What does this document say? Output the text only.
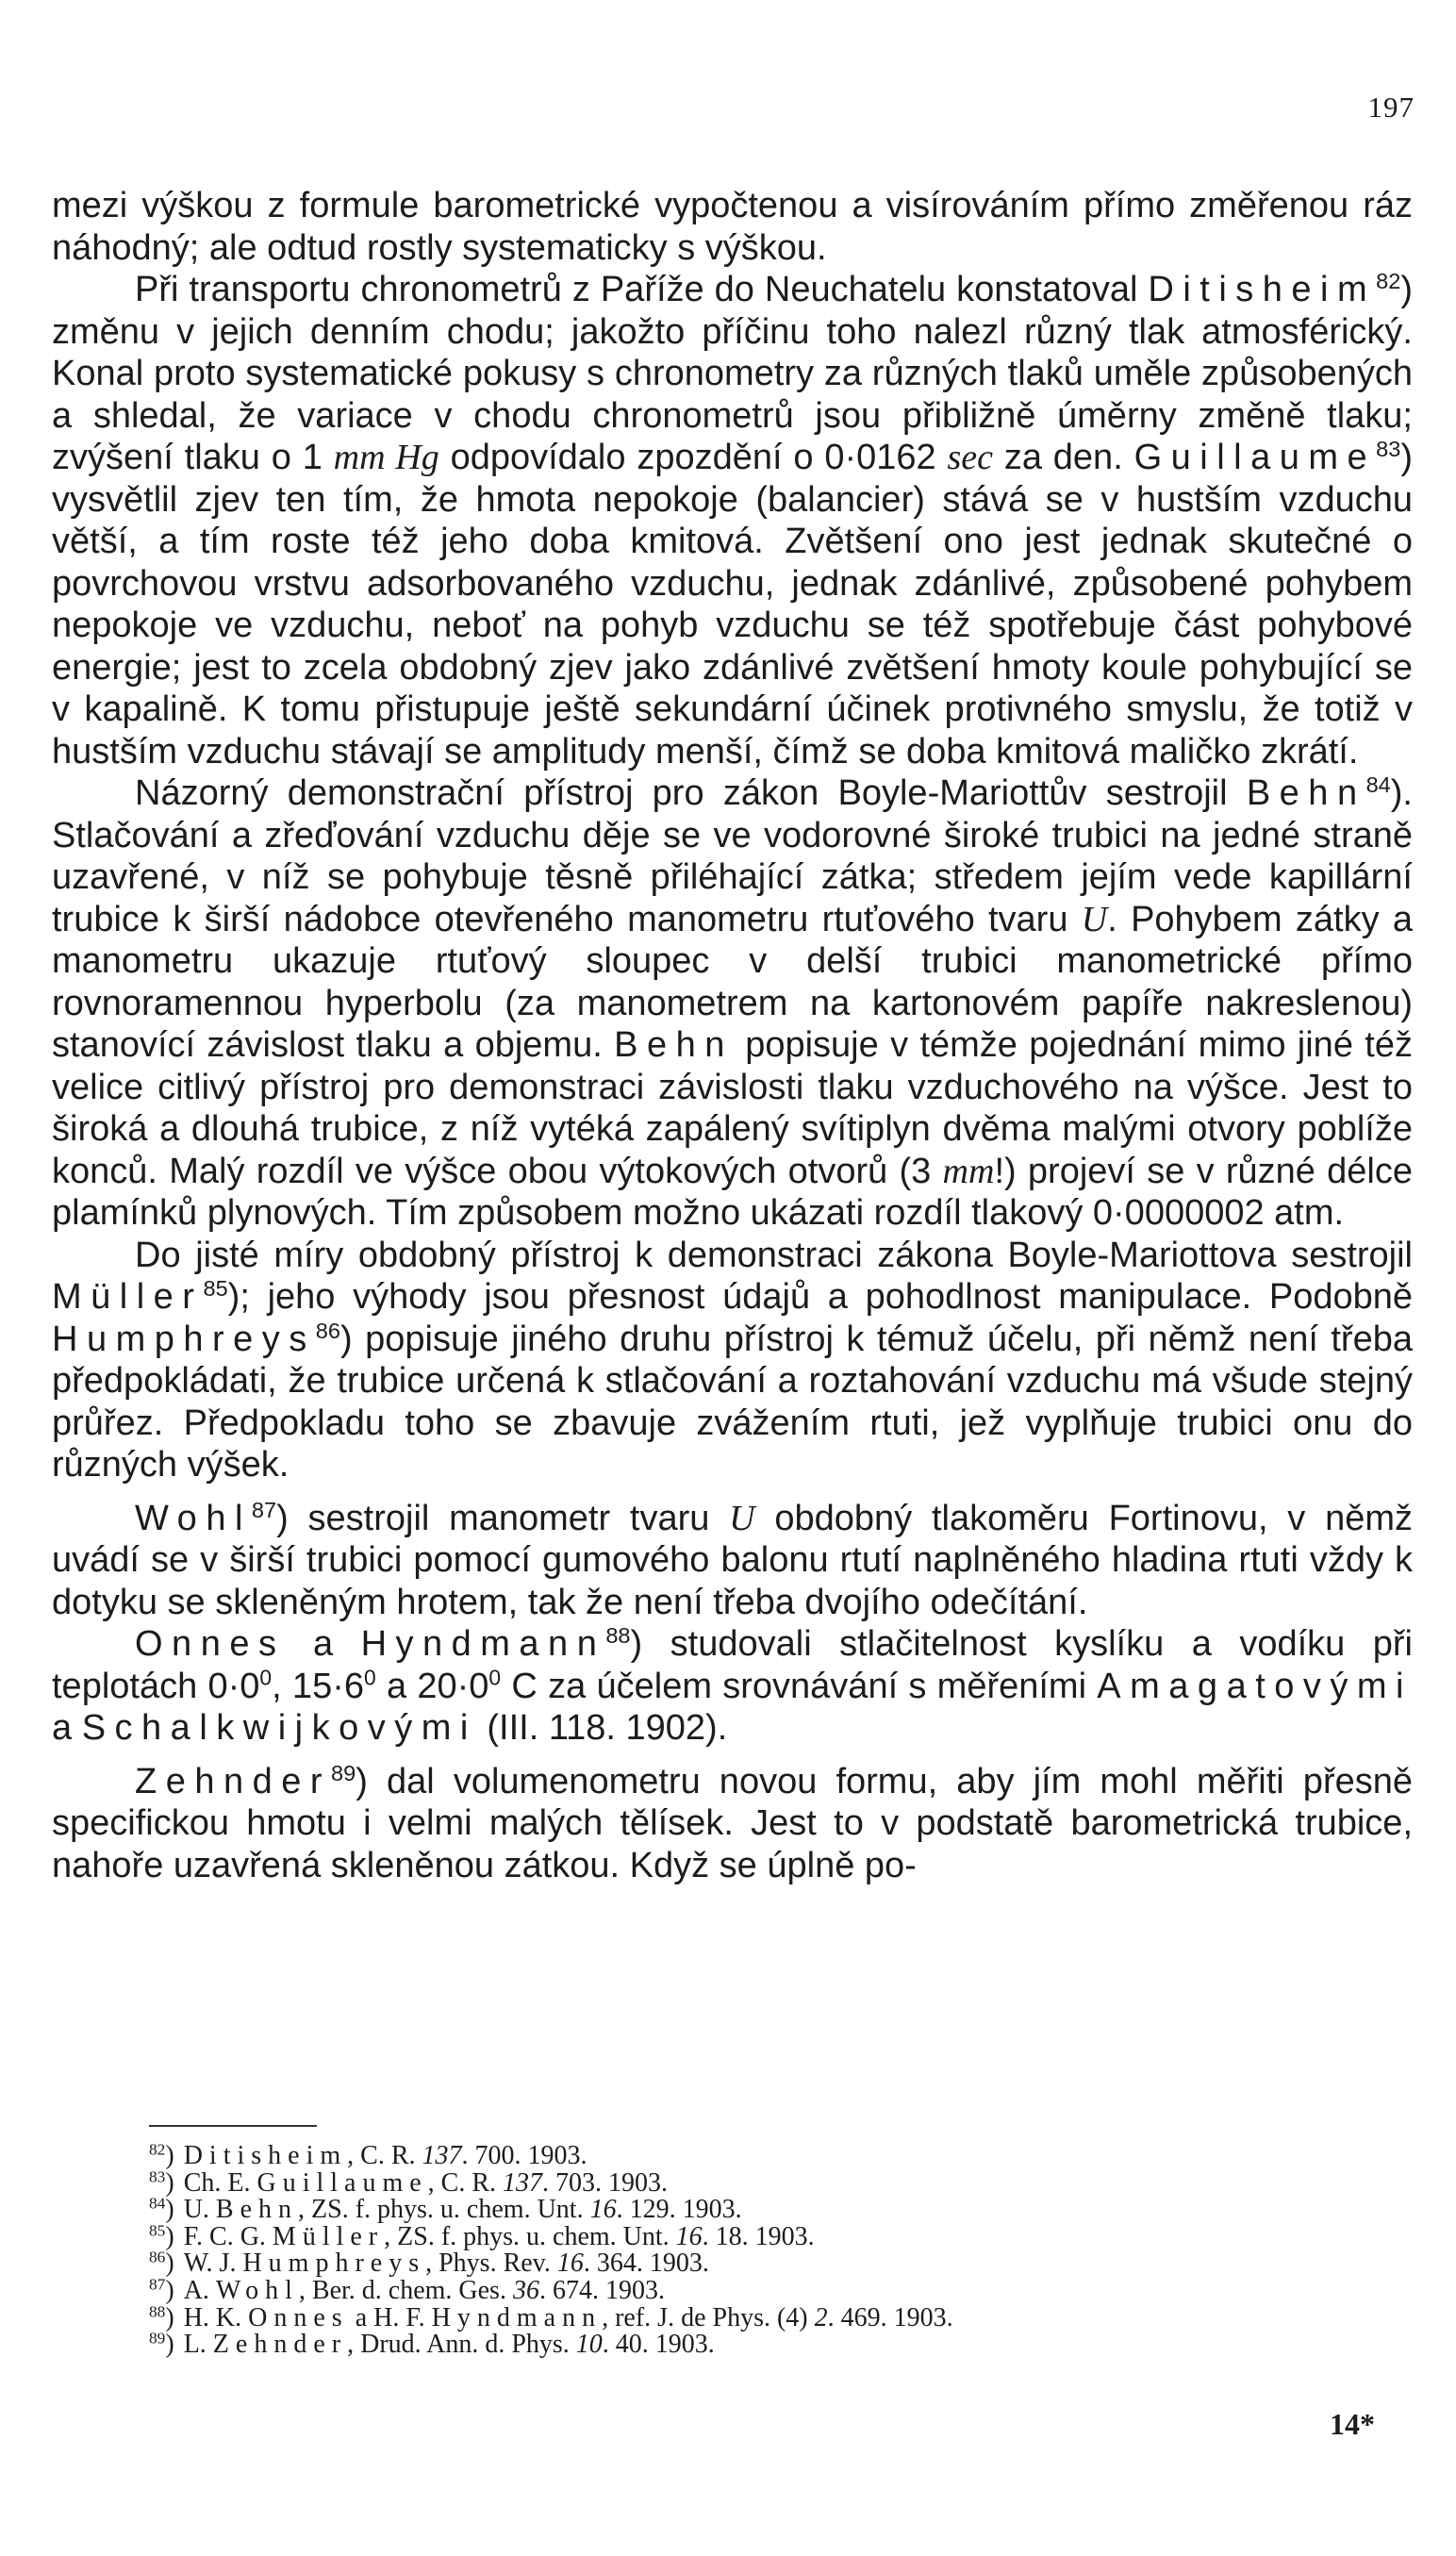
197

mezi výškou z formule barometrické vypočtenou a visírováním přímo změřenou ráz náhodný; ale odtud rostly systematicky s výškou.

Při transportu chronometrů z Paříže do Neuchatelu konstatoval Ditisheim$^{82}$) změnu v jejich denním chodu; jakožto příčinu toho nalezl různý tlak atmosférický. Konal proto systematické pokusy s chronometry za různých tlaků uměle způsobených a shledal, že variace v chodu chronometrů jsou přibližně úměrny změně tlaku; zvýšení tlaku o 1 mm Hg odpovídalo zpozdění o 0·0162 sec za den. Guillaume$^{83}$) vysvětlil zjev ten tím, že hmota nepokoje (balancier) stává se v hustším vzduchu větší, a tím roste též jeho doba kmitová. Zvětšení ono jest jednak skutečné o povrchovou vrstvu adsorbovaného vzduchu, jednak zdánlivé, způsobené pohybem nepokoje ve vzduchu, neboť na pohyb vzduchu se též spotřebuje část pohybové energie; jest to zcela obdobný zjev jako zdánlivé zvětšení hmoty koule pohybující se v kapalině. K tomu přistupuje ještě sekundární účinek protivného smyslu, že totiž v hustším vzduchu stávají se amplitudy menší, čímž se doba kmitová maličko zkrátí.

Názorný demonstrační přístroj pro zákon Boyle-Mariottův sestrojil Behn$^{84}$). Stlačování a zřeďování vzduchu děje se ve vodorovné široké trubici na jedné straně uzavřené, v níž se pohybuje těsně přiléhající zátka; středem jejím vede kapillární trubice k širší nádobce otevřeného manometru rtuťového tvaru U. Pohybem zátky a manometru ukazuje rtuťový sloupec v delší trubici manometrické přímo rovnoramennou hyperbolu (za manometrem na kartonovém papíře nakreslenou) stanovící závislost tlaku a objemu. Behn popisuje v témže pojednání mimo jiné též velice citlivý přístroj pro demonstraci závislosti tlaku vzduchového na výšce. Jest to široká a dlouhá trubice, z níž vytéká zapálený svítiplyn dvěma malými otvory poblíže konců. Malý rozdíl ve výšce obou výtokových otvorů (3 mm!) projeví se v různé délce plamínků plynových. Tím způsobem možno ukázati rozdíl tlakový 0·0000002 atm.

Do jisté míry obdobný přístroj k demonstraci zákona Boyle-Mariottova sestrojil Müller$^{85}$); jeho výhody jsou přesnost údajů a pohodlnost manipulace. Podobně Humphreys$^{86}$) popisuje jiného druhu přístroj k témuž účelu, při němž není třeba předpokládati, že trubice určená k stlačování a roztahování vzduchu má všude stejný průřez. Předpokladu toho se zbavuje zvážením rtuti, jež vyplňuje trubici onu do různých výšek.

Wohl$^{87}$) sestrojil manometr tvaru U obdobný tlakoměru Fortinovu, v němž uvádí se v širší trubici pomocí gumového balonu rtutí naplněného hladina rtuti vždy k dotyku se skleněným hrotem, tak že není třeba dvojího odečítání.

Onnes a Hyndmann$^{88}$) studovali stlačitelnost kyslíku a vodíku při teplotách $0\cdot 0^0$, $15\cdot 6^0$ a $20\cdot 0^0$ C za účelem srovnávání s měřeními Amagatovými a Schalkwijkovými (III. 118. 1902).

Zehnder$^{89}$) dal volumenometru novou formu, aby jím mohl měřiti přesně specifickou hmotu i velmi malých tělísek. Jest to v podstatě barometrická trubice, nahoře uzavřená skleněnou zátkou. Když se úplně po-

$^{82}$) Ditisheim, C. R. 137. 700. 1903.
$^{83}$) Ch. E. Guillaume, C. R. 137. 703. 1903.
$^{84}$) U. Behn, ZS. f. phys. u. chem. Unt. 16. 129. 1903.
$^{85}$) F. C. G. Müller, ZS. f. phys. u. chem. Unt. 16. 18. 1903.
$^{86}$) W. J. Humphreys, Phys. Rev. 16. 364. 1903.
$^{87}$) A. Wohl, Ber. d. chem. Ges. 36. 674. 1903.
$^{88}$) H. K. Onnes a H. F. Hyndmann, ref. J. de Phys. (4) 2. 469. 1903.
$^{89}$) L. Zehnder, Drud. Ann. d. Phys. 10. 40. 1903.
14*
